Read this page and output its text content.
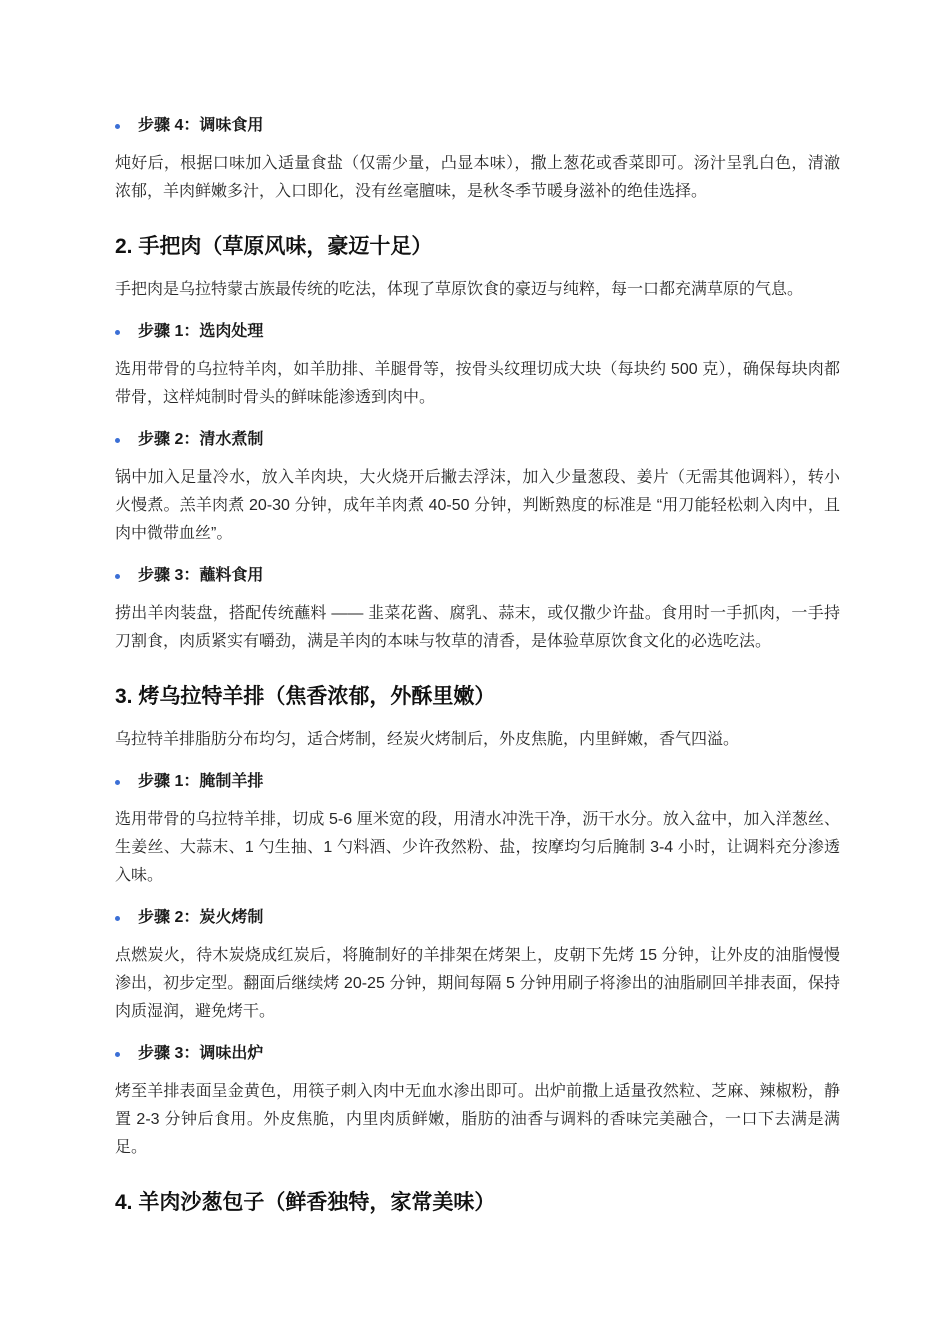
步骤 4：调味食用

炖好后，根据口味加入适量食盐（仅需少量，凸显本味），撒上葱花或香菜即可。汤汁呈乳白色，清澈浓郁，羊肉鲜嫩多汁，入口即化，没有丝毫膻味，是秋冬季节暖身滋补的绝佳选择。

2. 手把肉（草原风味，豪迈十足）

手把肉是乌拉特蒙古族最传统的吃法，体现了草原饮食的豪迈与纯粹，每一口都充满草原的气息。

步骤 1：选肉处理

选用带骨的乌拉特羊肉，如羊肋排、羊腿骨等，按骨头纹理切成大块（每块约 500 克），确保每块肉都带骨，这样炖制时骨头的鲜味能渗透到肉中。

步骤 2：清水煮制

锅中加入足量冷水，放入羊肉块，大火烧开后撇去浮沫，加入少量葱段、姜片（无需其他调料），转小火慢煮。羔羊肉煮 20-30 分钟，成年羊肉煮 40-50 分钟，判断熟度的标准是 “用刀能轻松刺入肉中，且肉中微带血丝”。

步骤 3：蘸料食用

捞出羊肉装盘，搭配传统蘸料 —— 韭菜花酱、腐乳、蒜末，或仅撒少许盐。食用时一手抓肉，一手持刀割食，肉质紧实有嚼劲，满是羊肉的本味与牧草的清香，是体验草原饮食文化的必选吃法。

3. 烤乌拉特羊排（焦香浓郁，外酥里嫩）

乌拉特羊排脂肪分布均匀，适合烤制，经炭火烤制后，外皮焦脆，内里鲜嫩，香气四溢。

步骤 1：腌制羊排

选用带骨的乌拉特羊排，切成 5-6 厘米宽的段，用清水冲洗干净，沥干水分。放入盆中，加入洋葱丝、生姜丝、大蒜末、1 勺生抽、1 勺料酒、少许孜然粉、盐，按摩均匀后腌制 3-4 小时，让调料充分渗透入味。

步骤 2：炭火烤制

点燃炭火，待木炭烧成红炭后，将腌制好的羊排架在烤架上，皮朝下先烤 15 分钟，让外皮的油脂慢慢渗出，初步定型。翻面后继续烤 20-25 分钟，期间每隔 5 分钟用刷子将渗出的油脂刷回羊排表面，保持肉质湿润，避免烤干。

步骤 3：调味出炉

烤至羊排表面呈金黄色，用筷子刺入肉中无血水渗出即可。出炉前撒上适量孜然粒、芝麻、辣椒粉，静置 2-3 分钟后食用。外皮焦脆，内里肉质鲜嫩，脂肪的油香与调料的香味完美融合，一口下去满是满足。

4. 羊肉沙葱包子（鲜香独特，家常美味）
